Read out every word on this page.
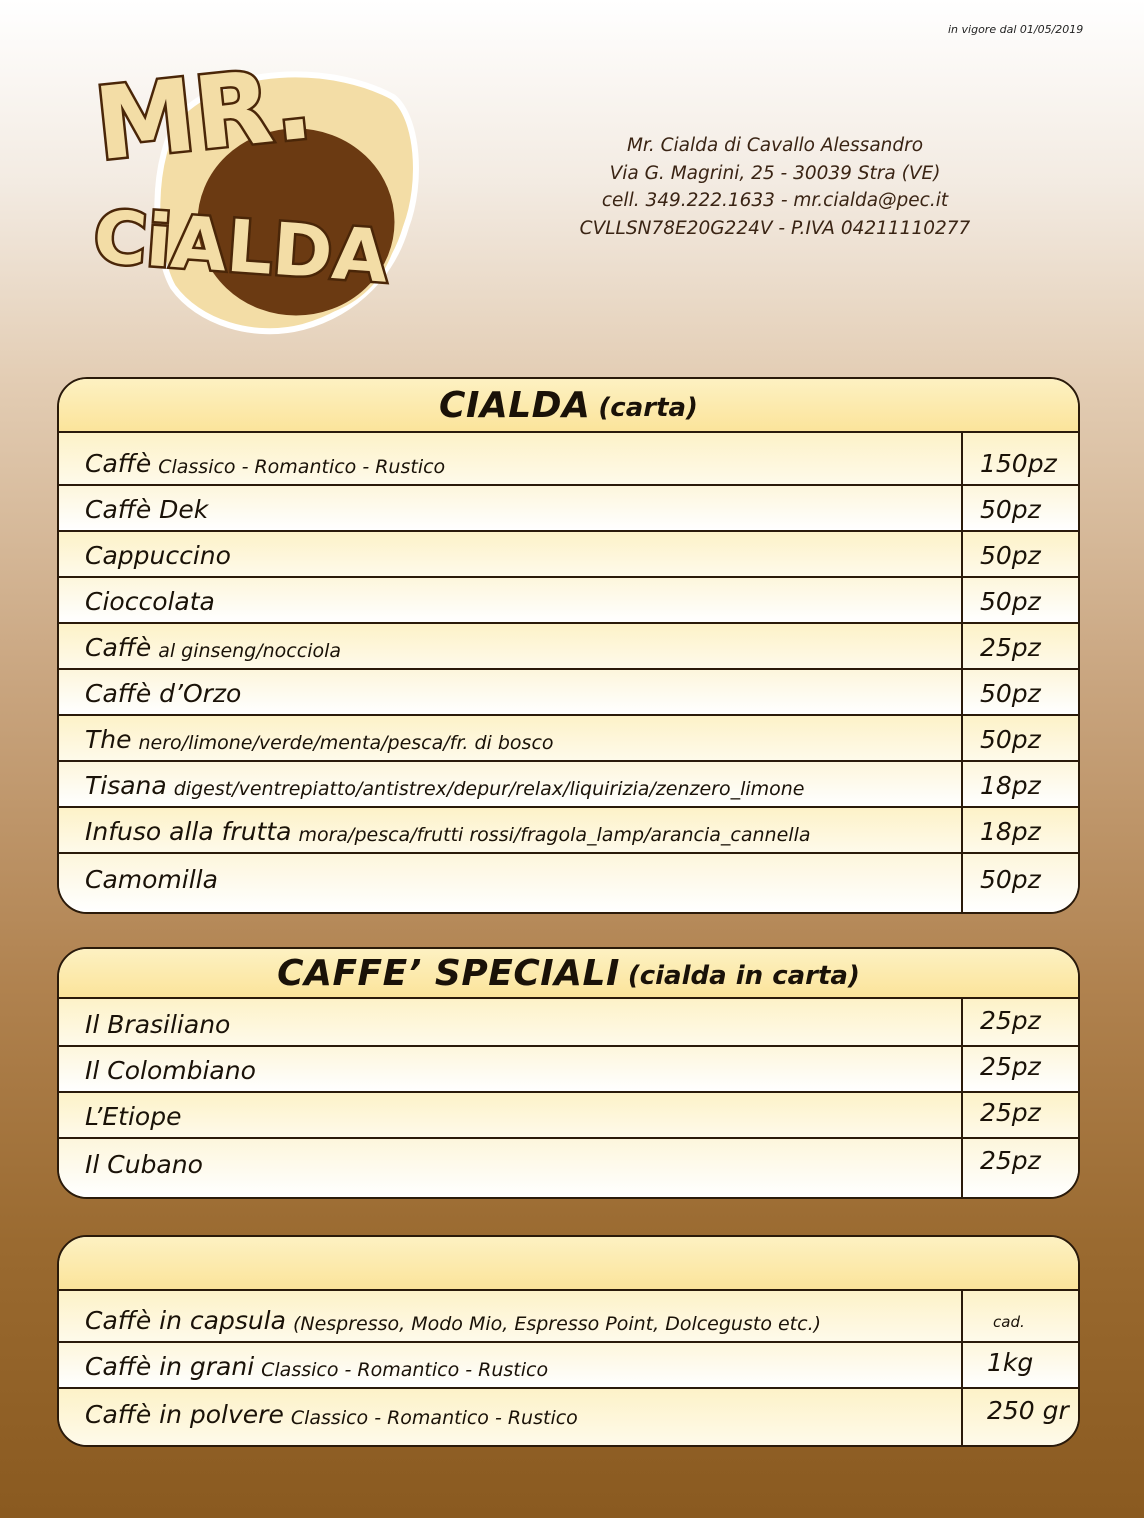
in vigore dal 01/05/2019
MR.
CiALDA
Mr. Cialda di Cavallo Alessandro
Via G. Magrini, 25 - 30039 Stra (VE)
cell. 349.222.1633 - mr.cialda@pec.it
CVLLSN78E20G224V - P.IVA 04211110277
CIALDA (carta)
Caffè Classico - Romantico - Rustico	150pz
Caffè Dek	50pz
Cappuccino	50pz
Cioccolata	50pz
Caffè al ginseng/nocciola	25pz
Caffè d’Orzo	50pz
The nero/limone/verde/menta/pesca/fr. di bosco	50pz
Tisana digest/ventrepiatto/antistrex/depur/relax/liquirizia/zenzero_limone	18pz
Infuso alla frutta mora/pesca/frutti rossi/fragola_lamp/arancia_cannella	18pz
Camomilla	50pz
CAFFE’ SPECIALI (cialda in carta)
Il Brasiliano	25pz
Il Colombiano	25pz
L’Etiope	25pz
Il Cubano	25pz
Caffè in capsula (Nespresso, Modo Mio, Espresso Point, Dolcegusto etc.)	cad.
Caffè in grani Classico - Romantico - Rustico	1kg
Caffè in polvere Classico - Romantico - Rustico	250 gr
